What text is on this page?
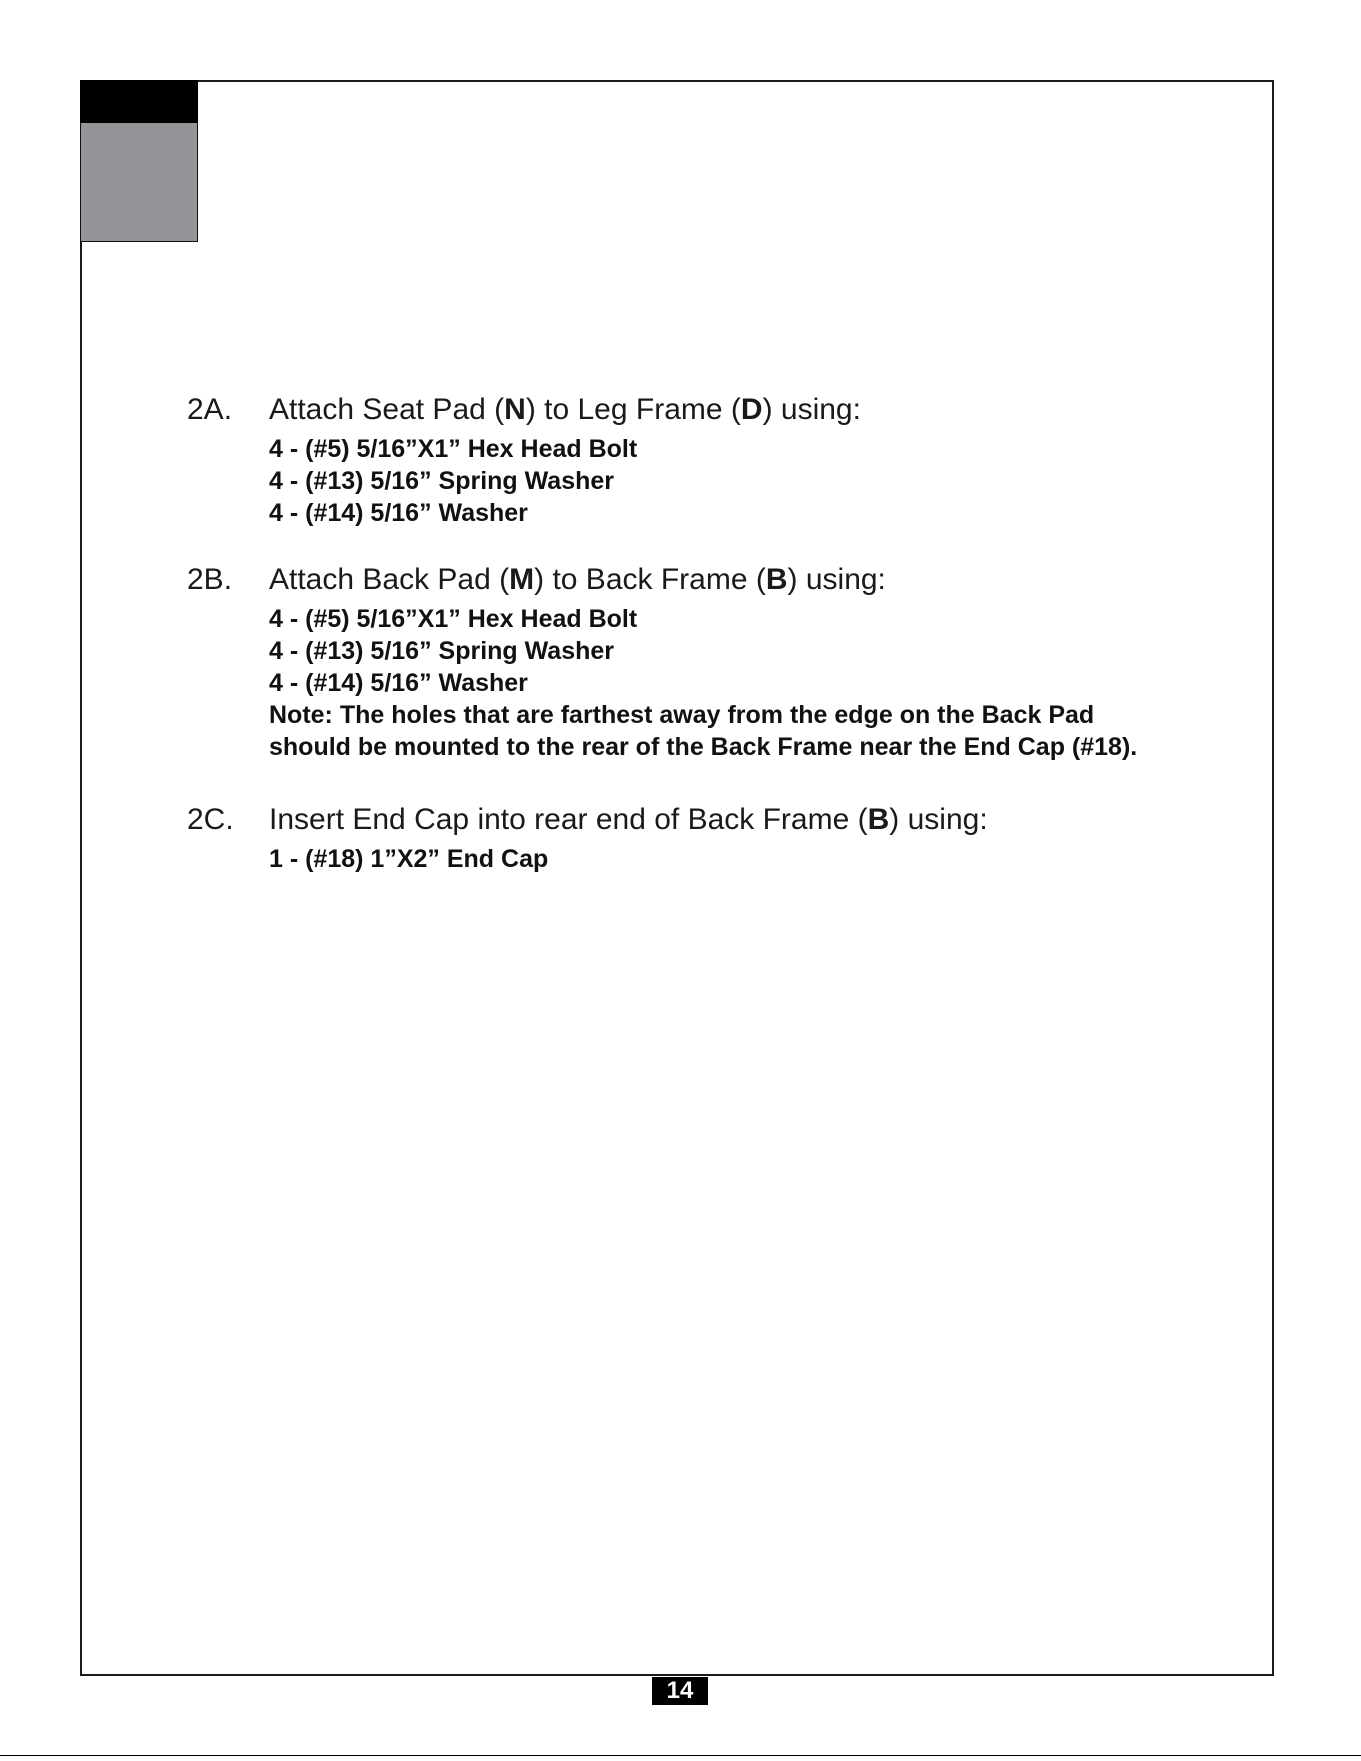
2A.	Attach Seat Pad (N) to Leg Frame (D) using:
4 - (#5) 5/16”X1” Hex Head Bolt
4 - (#13) 5/16” Spring Washer
4 - (#14) 5/16” Washer
2B.	Attach Back Pad (M) to Back Frame (B) using:
4 - (#5) 5/16”X1” Hex Head Bolt
4 - (#13) 5/16” Spring Washer
4 - (#14) 5/16” Washer
Note: The holes that are farthest away from the edge on the Back Pad
should be mounted to the rear of the Back Frame near the End Cap (#18).
2C.	Insert End Cap into rear end of Back Frame (B) using:
1 - (#18) 1”X2” End Cap
14
